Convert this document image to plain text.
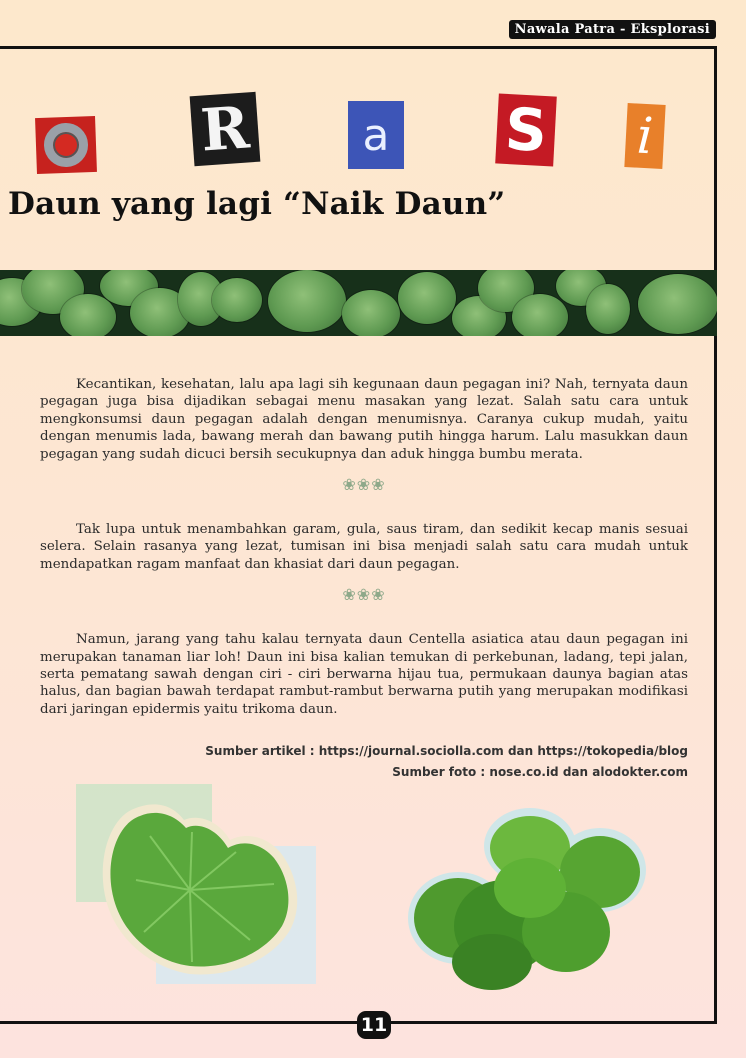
Nawala Patra - Eksplorasi
R	a S i
Daun yang lagi “Naik Daun”

Kecantikan, kesehatan, lalu apa lagi sih kegunaan daun pegagan ini? Nah, ternyata daun pegagan juga bisa dijadikan sebagai menu masakan yang lezat. Salah satu cara untuk mengkonsumsi daun pegagan adalah dengan menumisnya. Caranya cukup mudah, yaitu dengan menumis lada, bawang merah dan bawang putih hingga harum. Lalu masukkan daun pegagan yang sudah dicuci bersih secukupnya dan aduk hingga bumbu merata.

❀❀❀

Tak lupa untuk menambahkan garam, gula, saus tiram, dan sedikit kecap manis sesuai selera. Selain rasanya yang lezat, tumisan ini bisa menjadi salah satu cara mudah untuk mendapatkan ragam manfaat dan khasiat dari daun pegagan.

❀❀❀

Namun, jarang yang tahu kalau ternyata daun Centella asiatica atau daun pegagan ini merupakan tanaman liar loh! Daun ini bisa kalian temukan di perkebunan, ladang, tepi jalan, serta pematang sawah dengan ciri - ciri berwarna hijau tua, permukaan daunya bagian atas halus, dan bagian bawah terdapat rambut-rambut berwarna putih yang merupakan modifikasi dari jaringan epidermis yaitu trikoma daun.

Sumber artikel : https://journal.sociolla.com dan https://tokopedia/blog
Sumber foto : nose.co.id dan alodokter.com
11
